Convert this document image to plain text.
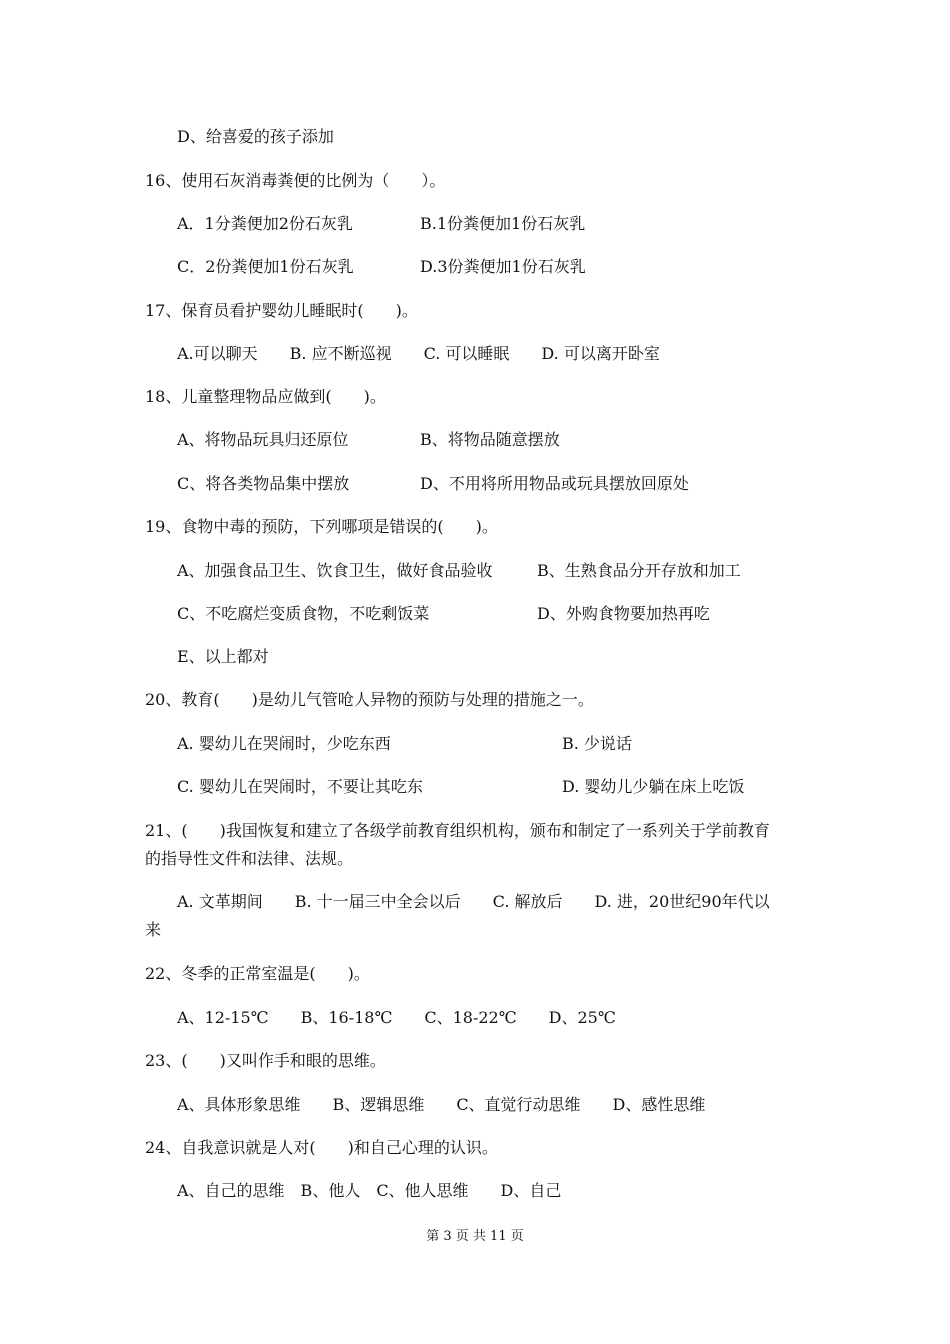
D、给喜爱的孩子添加
16、使用石灰消毒粪便的比例为（　　）。
A．1分粪便加2份石灰乳	B.1份粪便加1份石灰乳
C．2份粪便加1份石灰乳	D.3份粪便加1份石灰乳
17、保育员看护婴幼儿睡眠时(　　)。
A.可以聊天　　B. 应不断巡视　　C. 可以睡眠　　D. 可以离开卧室
18、儿童整理物品应做到(　　)。
A、将物品玩具归还原位	B、将物品随意摆放
C、将各类物品集中摆放	D、不用将所用物品或玩具摆放回原处
19、食物中毒的预防，下列哪项是错误的(　　)。
A、加强食品卫生、饮食卫生，做好食品验收	B、生熟食品分开存放和加工
C、不吃腐烂变质食物，不吃剩饭菜	D、外购食物要加热再吃
E、以上都对
20、教育(　　)是幼儿气管呛人异物的预防与处理的措施之一。
A. 婴幼儿在哭闹时，少吃东西	B. 少说话
C. 婴幼儿在哭闹时，不要让其吃东	D. 婴幼儿少躺在床上吃饭
21、(　　)我国恢复和建立了各级学前教育组织机构，颁布和制定了一系列关于学前教育
的指导性文件和法律、法规。
A. 文革期间　　B. 十一届三中全会以后　　C. 解放后　　D. 进，20世纪90年代以
来
22、冬季的正常室温是(　　)。
A、12-15℃　　B、16-18℃　　C、18-22℃　　D、25℃
23、(　　)又叫作手和眼的思维。
A、具体形象思维　　B、逻辑思维　　C、直觉行动思维　　D、感性思维
24、自我意识就是人对(　　)和自己心理的认识。
A、自己的思维　B、他人　C、他人思维　　D、自己
第 3 页 共 11 页
